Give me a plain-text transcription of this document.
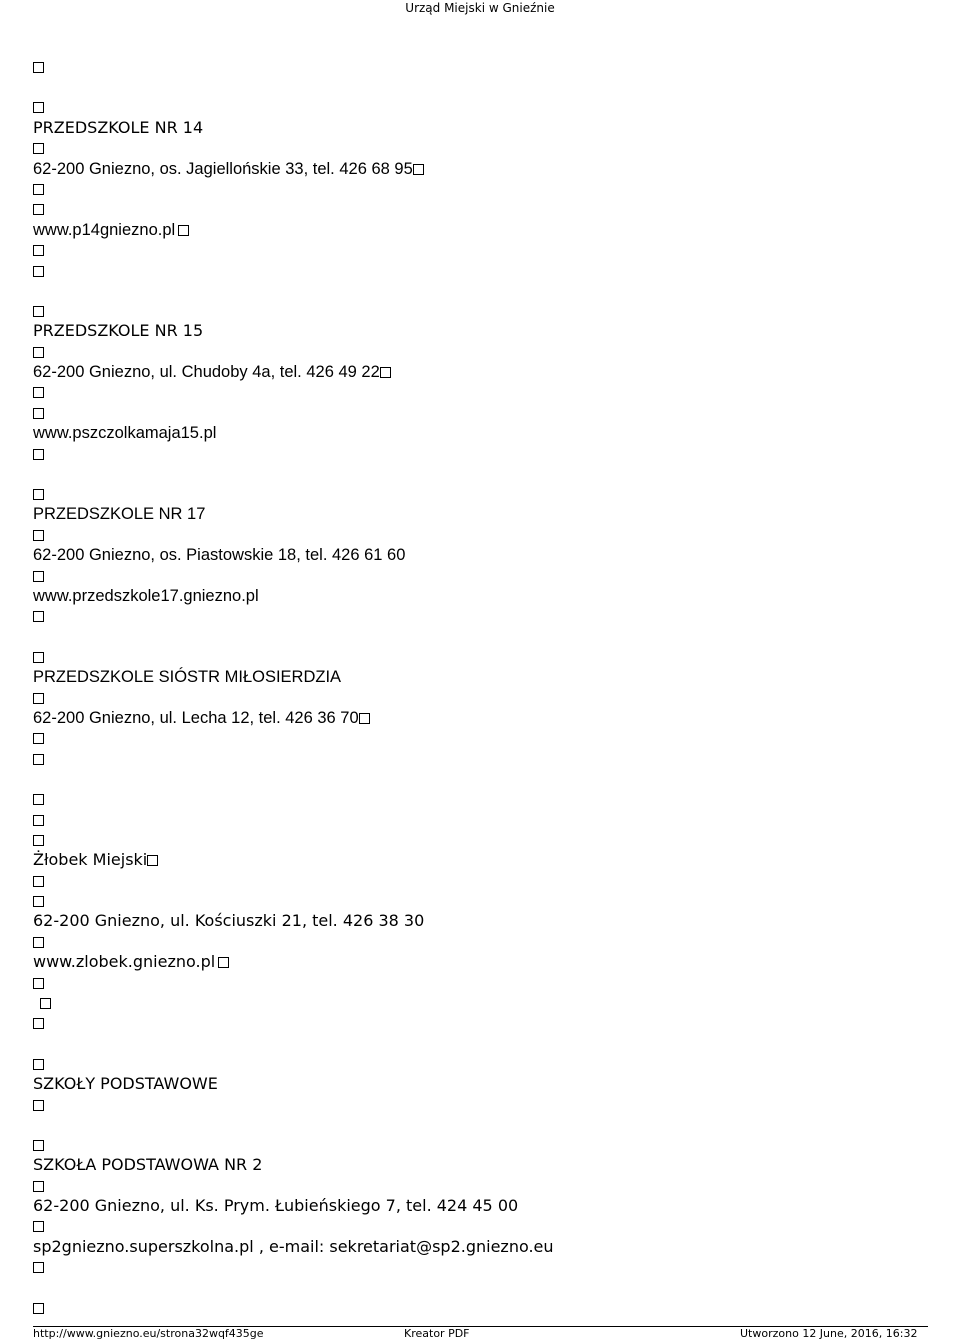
Urząd Miejski w Gnieźnie
PRZEDSZKOLE NR 14
62-200 Gniezno, os. Jagiellońskie 33, tel. 426 68 95
www.p14gniezno.pl
PRZEDSZKOLE NR 15
62-200 Gniezno, ul. Chudoby 4a, tel. 426 49 22
www.pszczolkamaja15.pl
PRZEDSZKOLE NR 17
62-200 Gniezno, os. Piastowskie 18, tel. 426 61 60
www.przedszkole17.gniezno.pl
PRZEDSZKOLE SIÓSTR MIŁOSIERDZIA
62-200 Gniezno, ul. Lecha 12, tel. 426 36 70
Żłobek Miejski
62-200 Gniezno, ul. Kościuszki 21, tel. 426 38 30
www.zlobek.gniezno.pl
SZKOŁY PODSTAWOWE
SZKOŁA PODSTAWOWA NR 2
62-200 Gniezno, ul. Ks. Prym. Łubieńskiego 7, tel. 424 45 00
sp2gniezno.superszkolna.pl , e-mail: sekretariat@sp2.gniezno.eu
http://www.gniezno.eu/strona32wqf435ge	Kreator PDF	Utworzono 12 June, 2016, 16:32
